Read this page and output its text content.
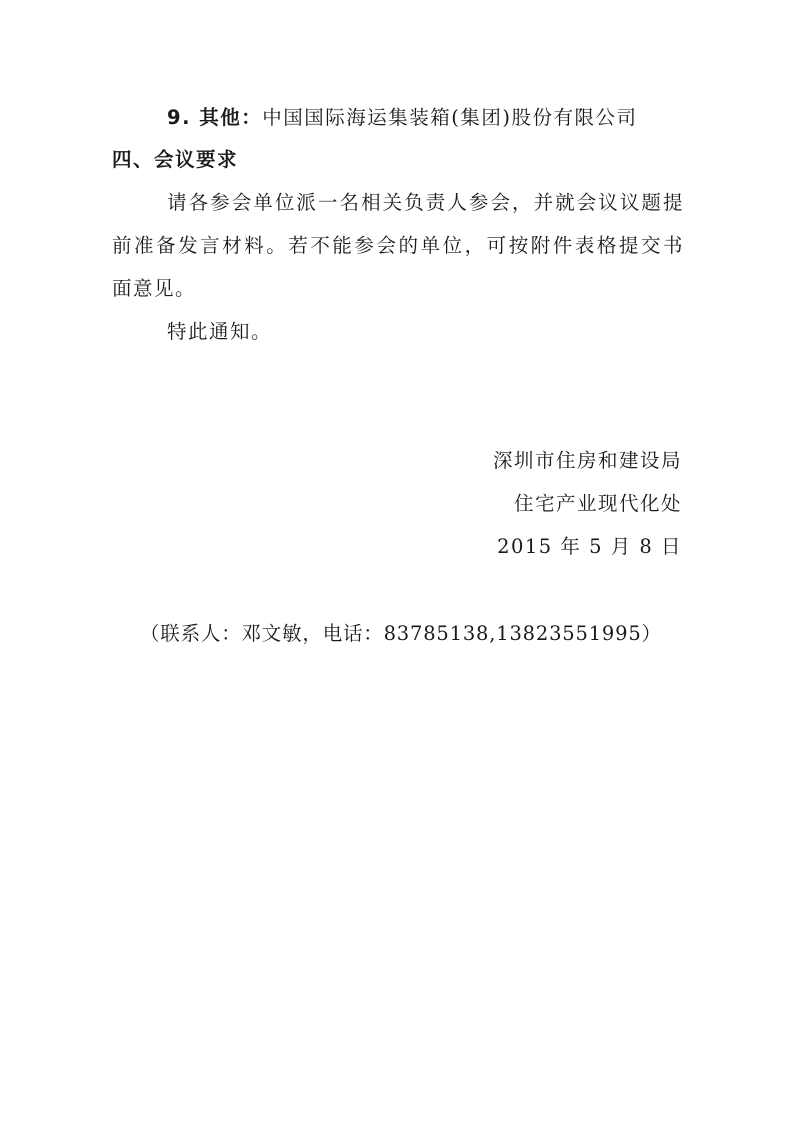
9. 其他：中国国际海运集装箱(集团)股份有限公司
四、会议要求
请各参会单位派一名相关负责人参会，并就会议议题提
前准备发言材料。若不能参会的单位，可按附件表格提交书
面意见。
特此通知。
深圳市住房和建设局
住宅产业现代化处
2015 年 5 月 8 日
（联系人：邓文敏，电话：83785138,13823551995）
